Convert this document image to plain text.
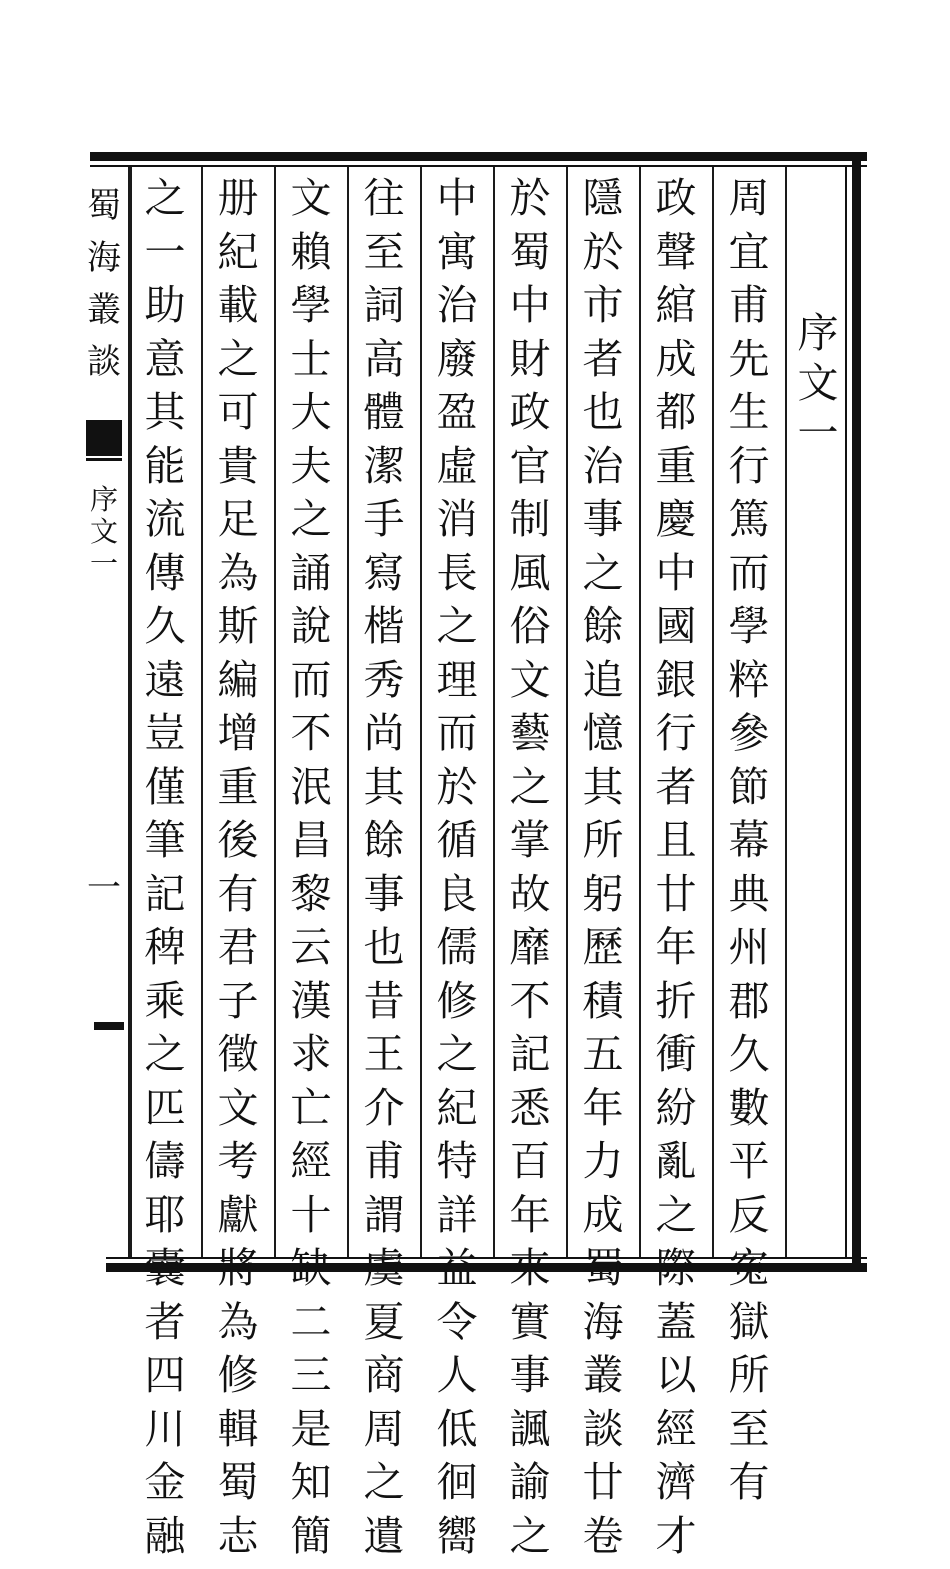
蜀
海
叢
談
序
文
一
一
序
文
一
周
宜
甫
先
生
行
篤
而
學
粹
參
節
幕
典
州
郡
久
數
平
反
寃
獄
所
至
有
政
聲
綰
成
都
重
慶
中
國
銀
行
者
且
廿
年
折
衝
紛
亂
之
際
蓋
以
經
濟
才
隱
於
市
者
也
治
事
之
餘
追
憶
其
所
躬
歷
積
五
年
力
成
蜀
海
叢
談
廿
卷
於
蜀
中
財
政
官
制
風
俗
文
藝
之
掌
故
靡
不
記
悉
百
年
來
實
事
諷
諭
之
中
寓
治
廢
盈
虛
消
長
之
理
而
於
循
良
儒
修
之
紀
特
詳
益
令
人
低
徊
嚮
往
至
詞
高
體
潔
手
寫
楷
秀
尚
其
餘
事
也
昔
王
介
甫
謂
虞
夏
商
周
之
遺
文
賴
學
士
大
夫
之
誦
說
而
不
泯
昌
黎
云
漢
求
亡
經
十
缺
二
三
是
知
簡
册
紀
載
之
可
貴
足
為
斯
編
增
重
後
有
君
子
徵
文
考
獻
將
為
修
輯
蜀
志
之
一
助
意
其
能
流
傳
久
遠
豈
僅
筆
記
稗
乘
之
匹
儔
耶
囊
者
四
川
金
融
